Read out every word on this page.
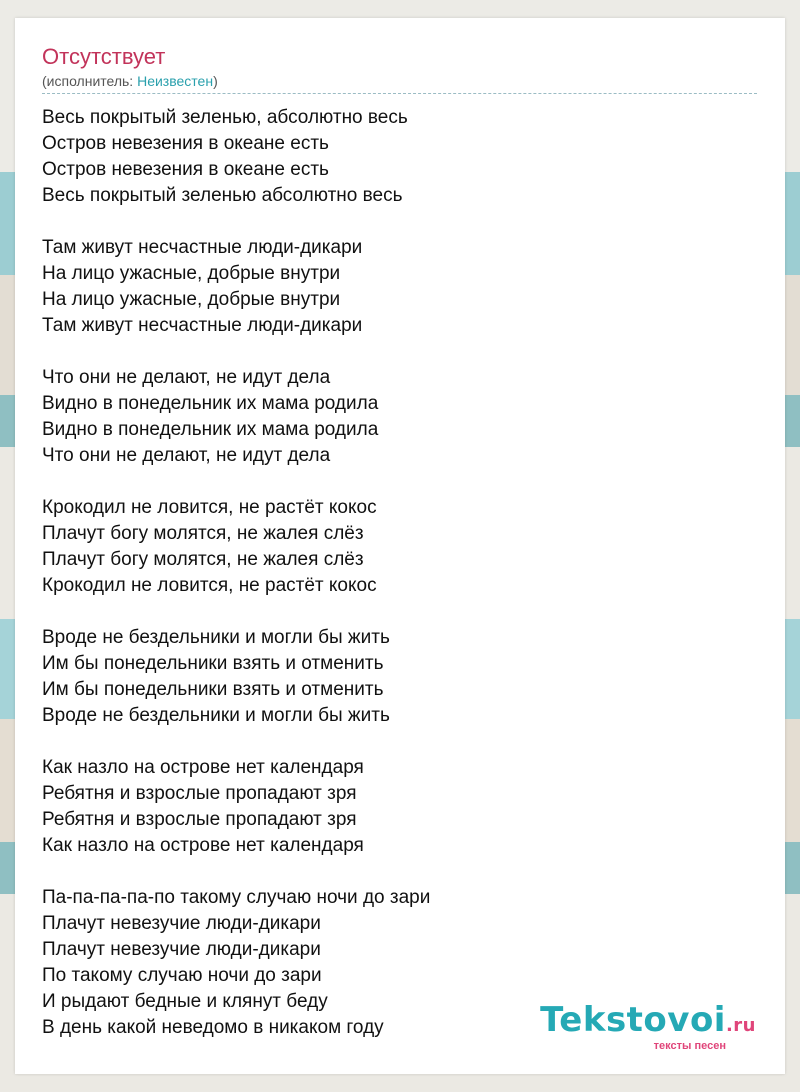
Отсутствует
(исполнитель: Неизвестен)
Весь покрытый зеленью, абсолютно весь
Остров невезения в океане есть
Остров невезения в океане есть
Весь покрытый зеленью абсолютно весь
Там живут несчастные люди-дикари
На лицо ужасные, добрые внутри
На лицо ужасные, добрые внутри
Там живут несчастные люди-дикари
Что они не делают, не идут дела
Видно в понедельник их мама родила
Видно в понедельник их мама родила
Что они не делают, не идут дела
Крокодил не ловится, не растёт кокос
Плачут богу молятся, не жалея слёз
Плачут богу молятся, не жалея слёз
Крокодил не ловится, не растёт кокос
Вроде не бездельники и могли бы жить
Им бы понедельники взять и отменить
Им бы понедельники взять и отменить
Вроде не бездельники и могли бы жить
Как назло на острове нет календаря
Ребятня и взрослые пропадают зря
Ребятня и взрослые пропадают зря
Как назло на острове нет календаря
Па-па-па-па-по такому случаю ночи до зари
Плачут невезучие люди-дикари
Плачут невезучие люди-дикари
По такому случаю ночи до зари
И рыдают бедные и клянут беду
В день какой неведомо в никаком году	Tekstovoi.ru
тексты песен
